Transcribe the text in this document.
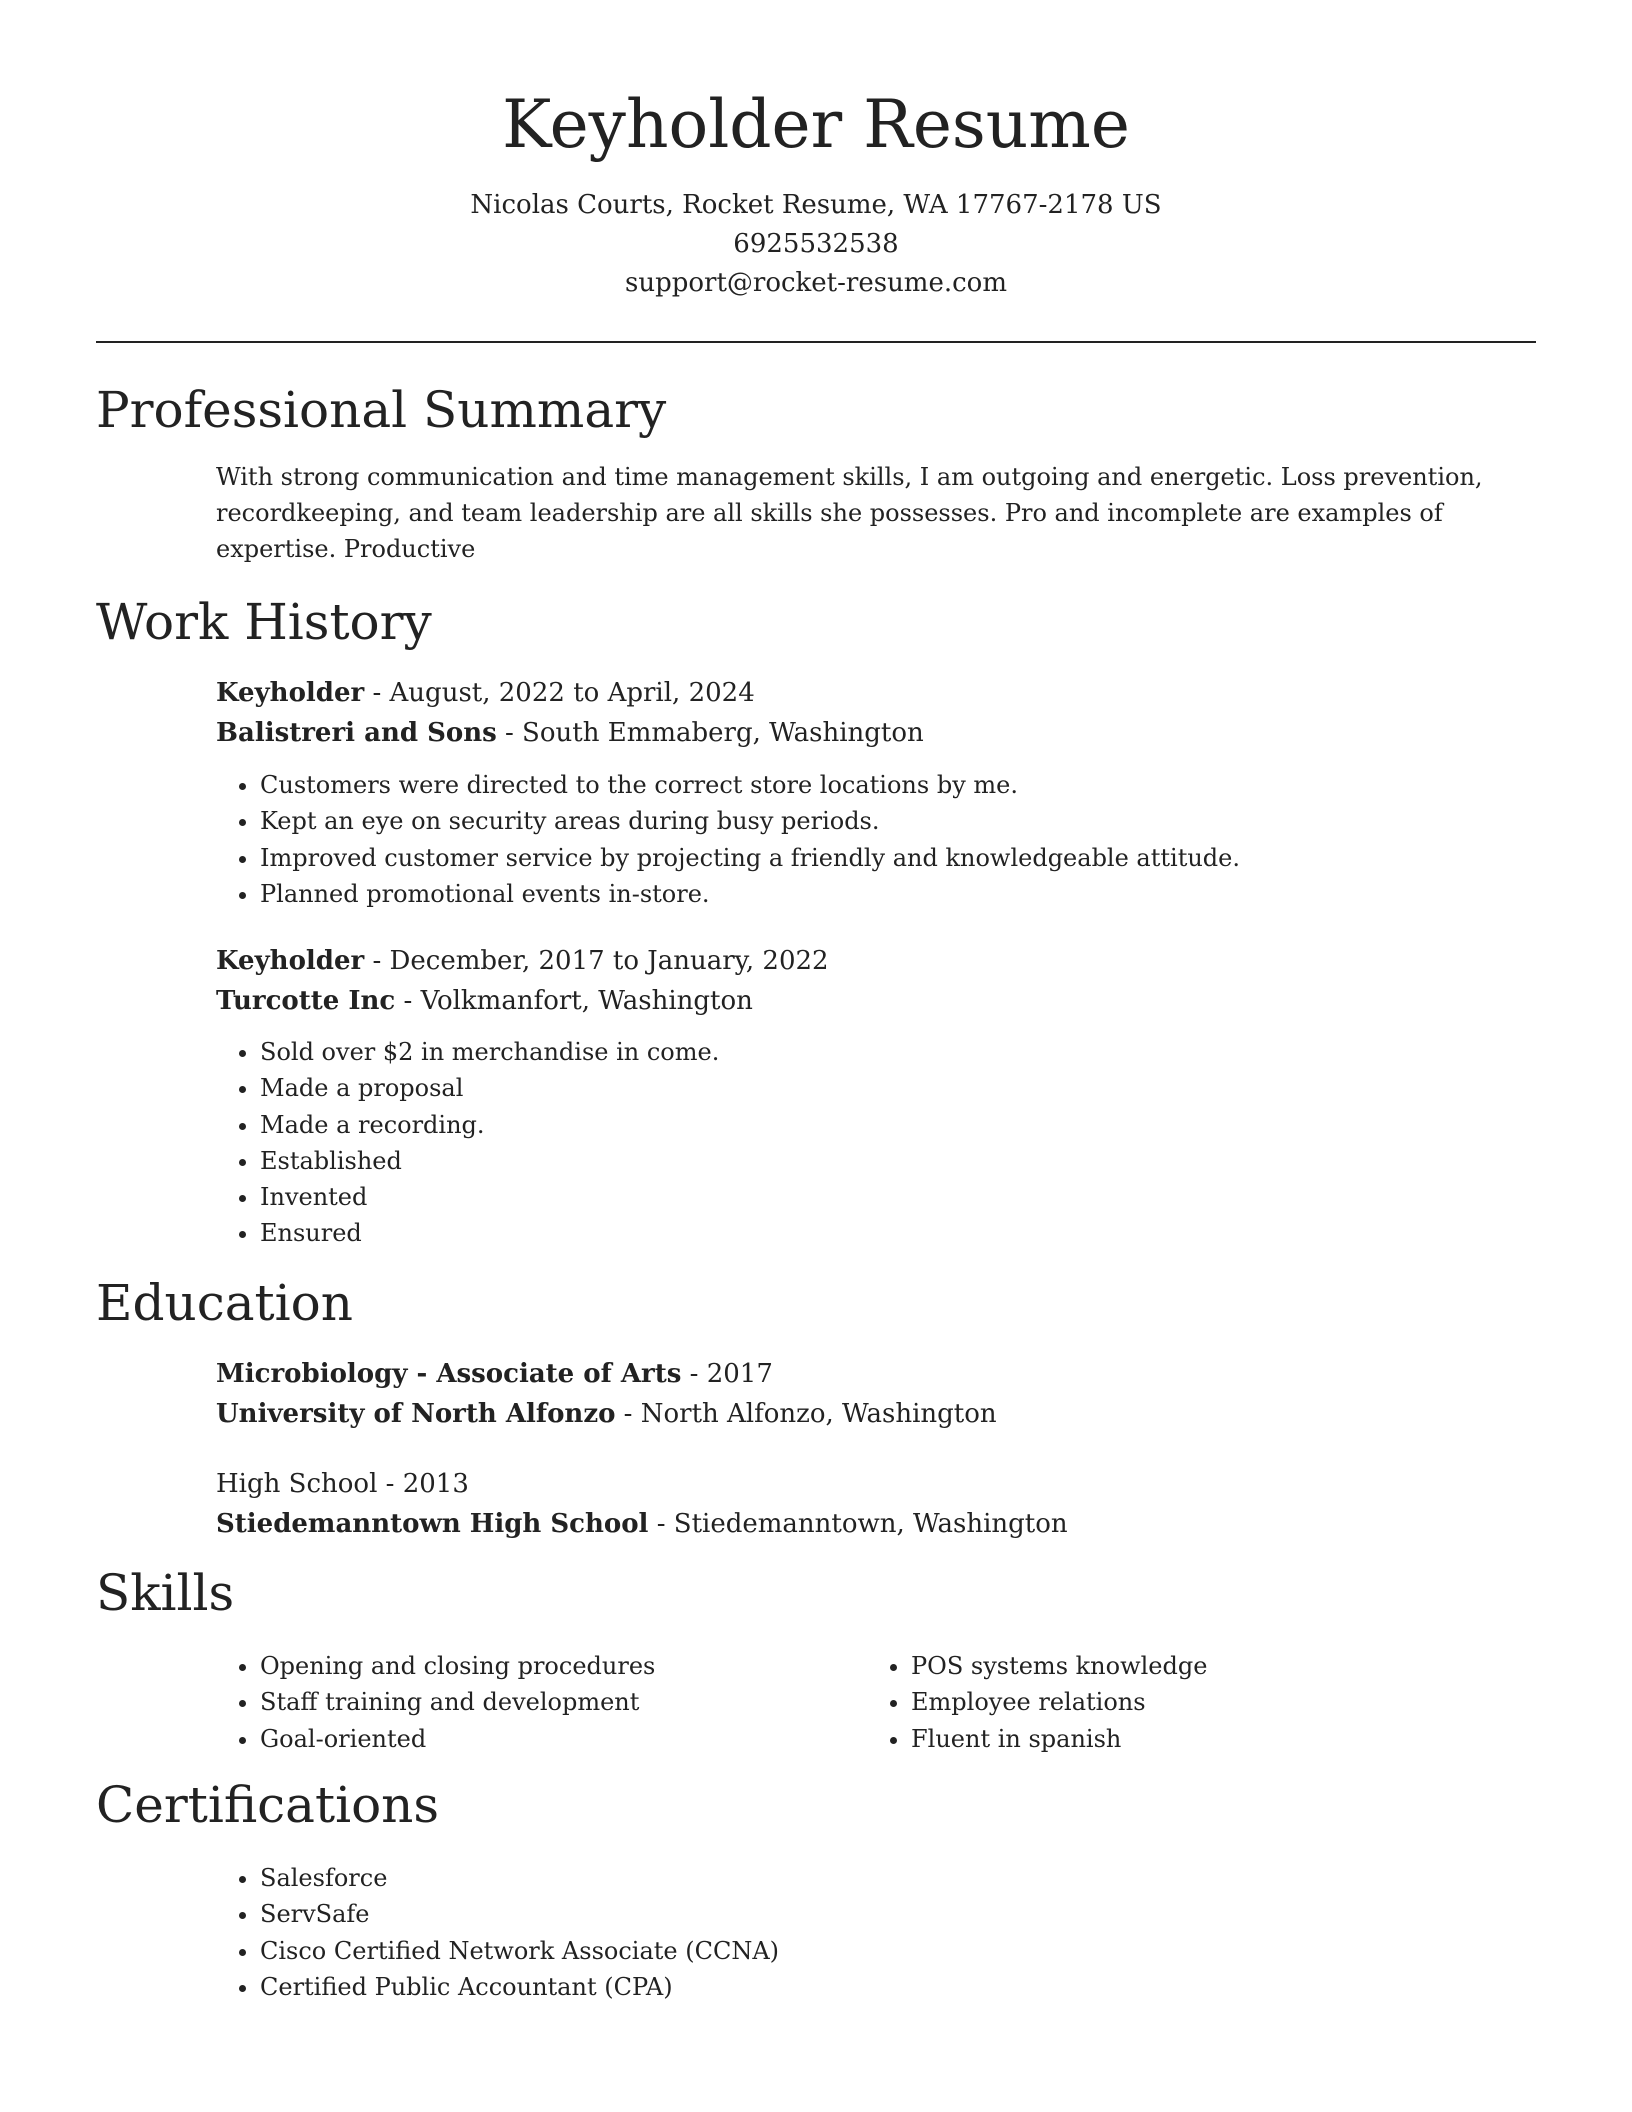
Keyholder Resume

Nicolas Courts, Rocket Resume, WA 17767-2178 US

6925532538

support@rocket-resume.com

Professional Summary

With strong communication and time management skills, I am outgoing and energetic. Loss prevention, recordkeeping, and team leadership are all skills she possesses. Pro and incomplete are examples of expertise. Productive

Work History

Keyholder - August, 2022 to April, 2024

Balistreri and Sons - South Emmaberg, Washington

• Customers were directed to the correct store locations by me.
• Kept an eye on security areas during busy periods.
• Improved customer service by projecting a friendly and knowledgeable attitude.
• Planned promotional events in-store.

Keyholder - December, 2017 to January, 2022

Turcotte Inc - Volkmanfort, Washington

• Sold over $2 in merchandise in come.
• Made a proposal
• Made a recording.
• Established
• Invented
• Ensured
Education

Microbiology - Associate of Arts - 2017

University of North Alfonzo - North Alfonzo, Washington

High School - 2013

Stiedemanntown High School - Stiedemanntown, Washington

Skills
• Opening and closing procedures
• Staff training and development
• Goal-oriented
• POS systems knowledge
• Employee relations
• Fluent in spanish
Certifications
• Salesforce
• ServSafe
• Cisco Certified Network Associate (CCNA)
• Certified Public Accountant (CPA)
